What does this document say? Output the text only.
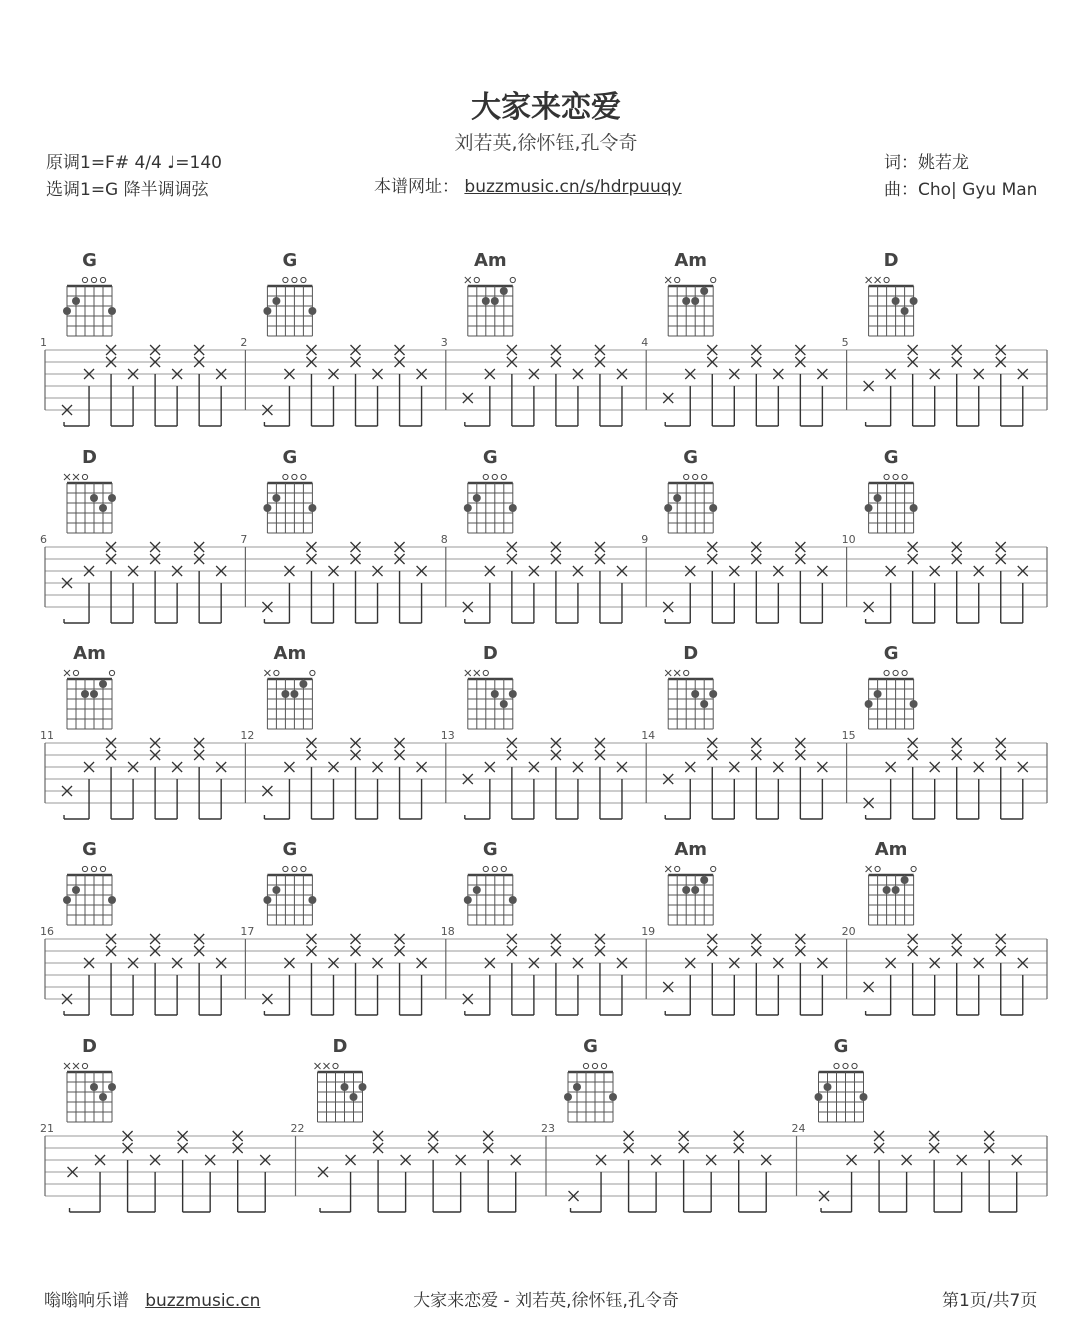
大家来恋爱
刘若英,徐怀钰,孔令奇
原调1=F# 4/4 ♩=140
选调1=G 降半调调弦	本谱网址： buzzmusic.cn/s/hdrpuuqy
词：姚若龙
曲：Cho| Gyu Man
1
G
2
G
3
Am
4
Am
5
D
6
D
7
G
8
G
9
G
10
G
11
Am
12
Am
13
D
14
D
15
G
16
G
17
G
18
G
19
Am
20
Am
21
D
22
D
23
G
24
G
嗡嗡响乐谱 buzzmusic.cn	大家来恋爱 - 刘若英,徐怀钰,孔令奇	第1页/共7页
